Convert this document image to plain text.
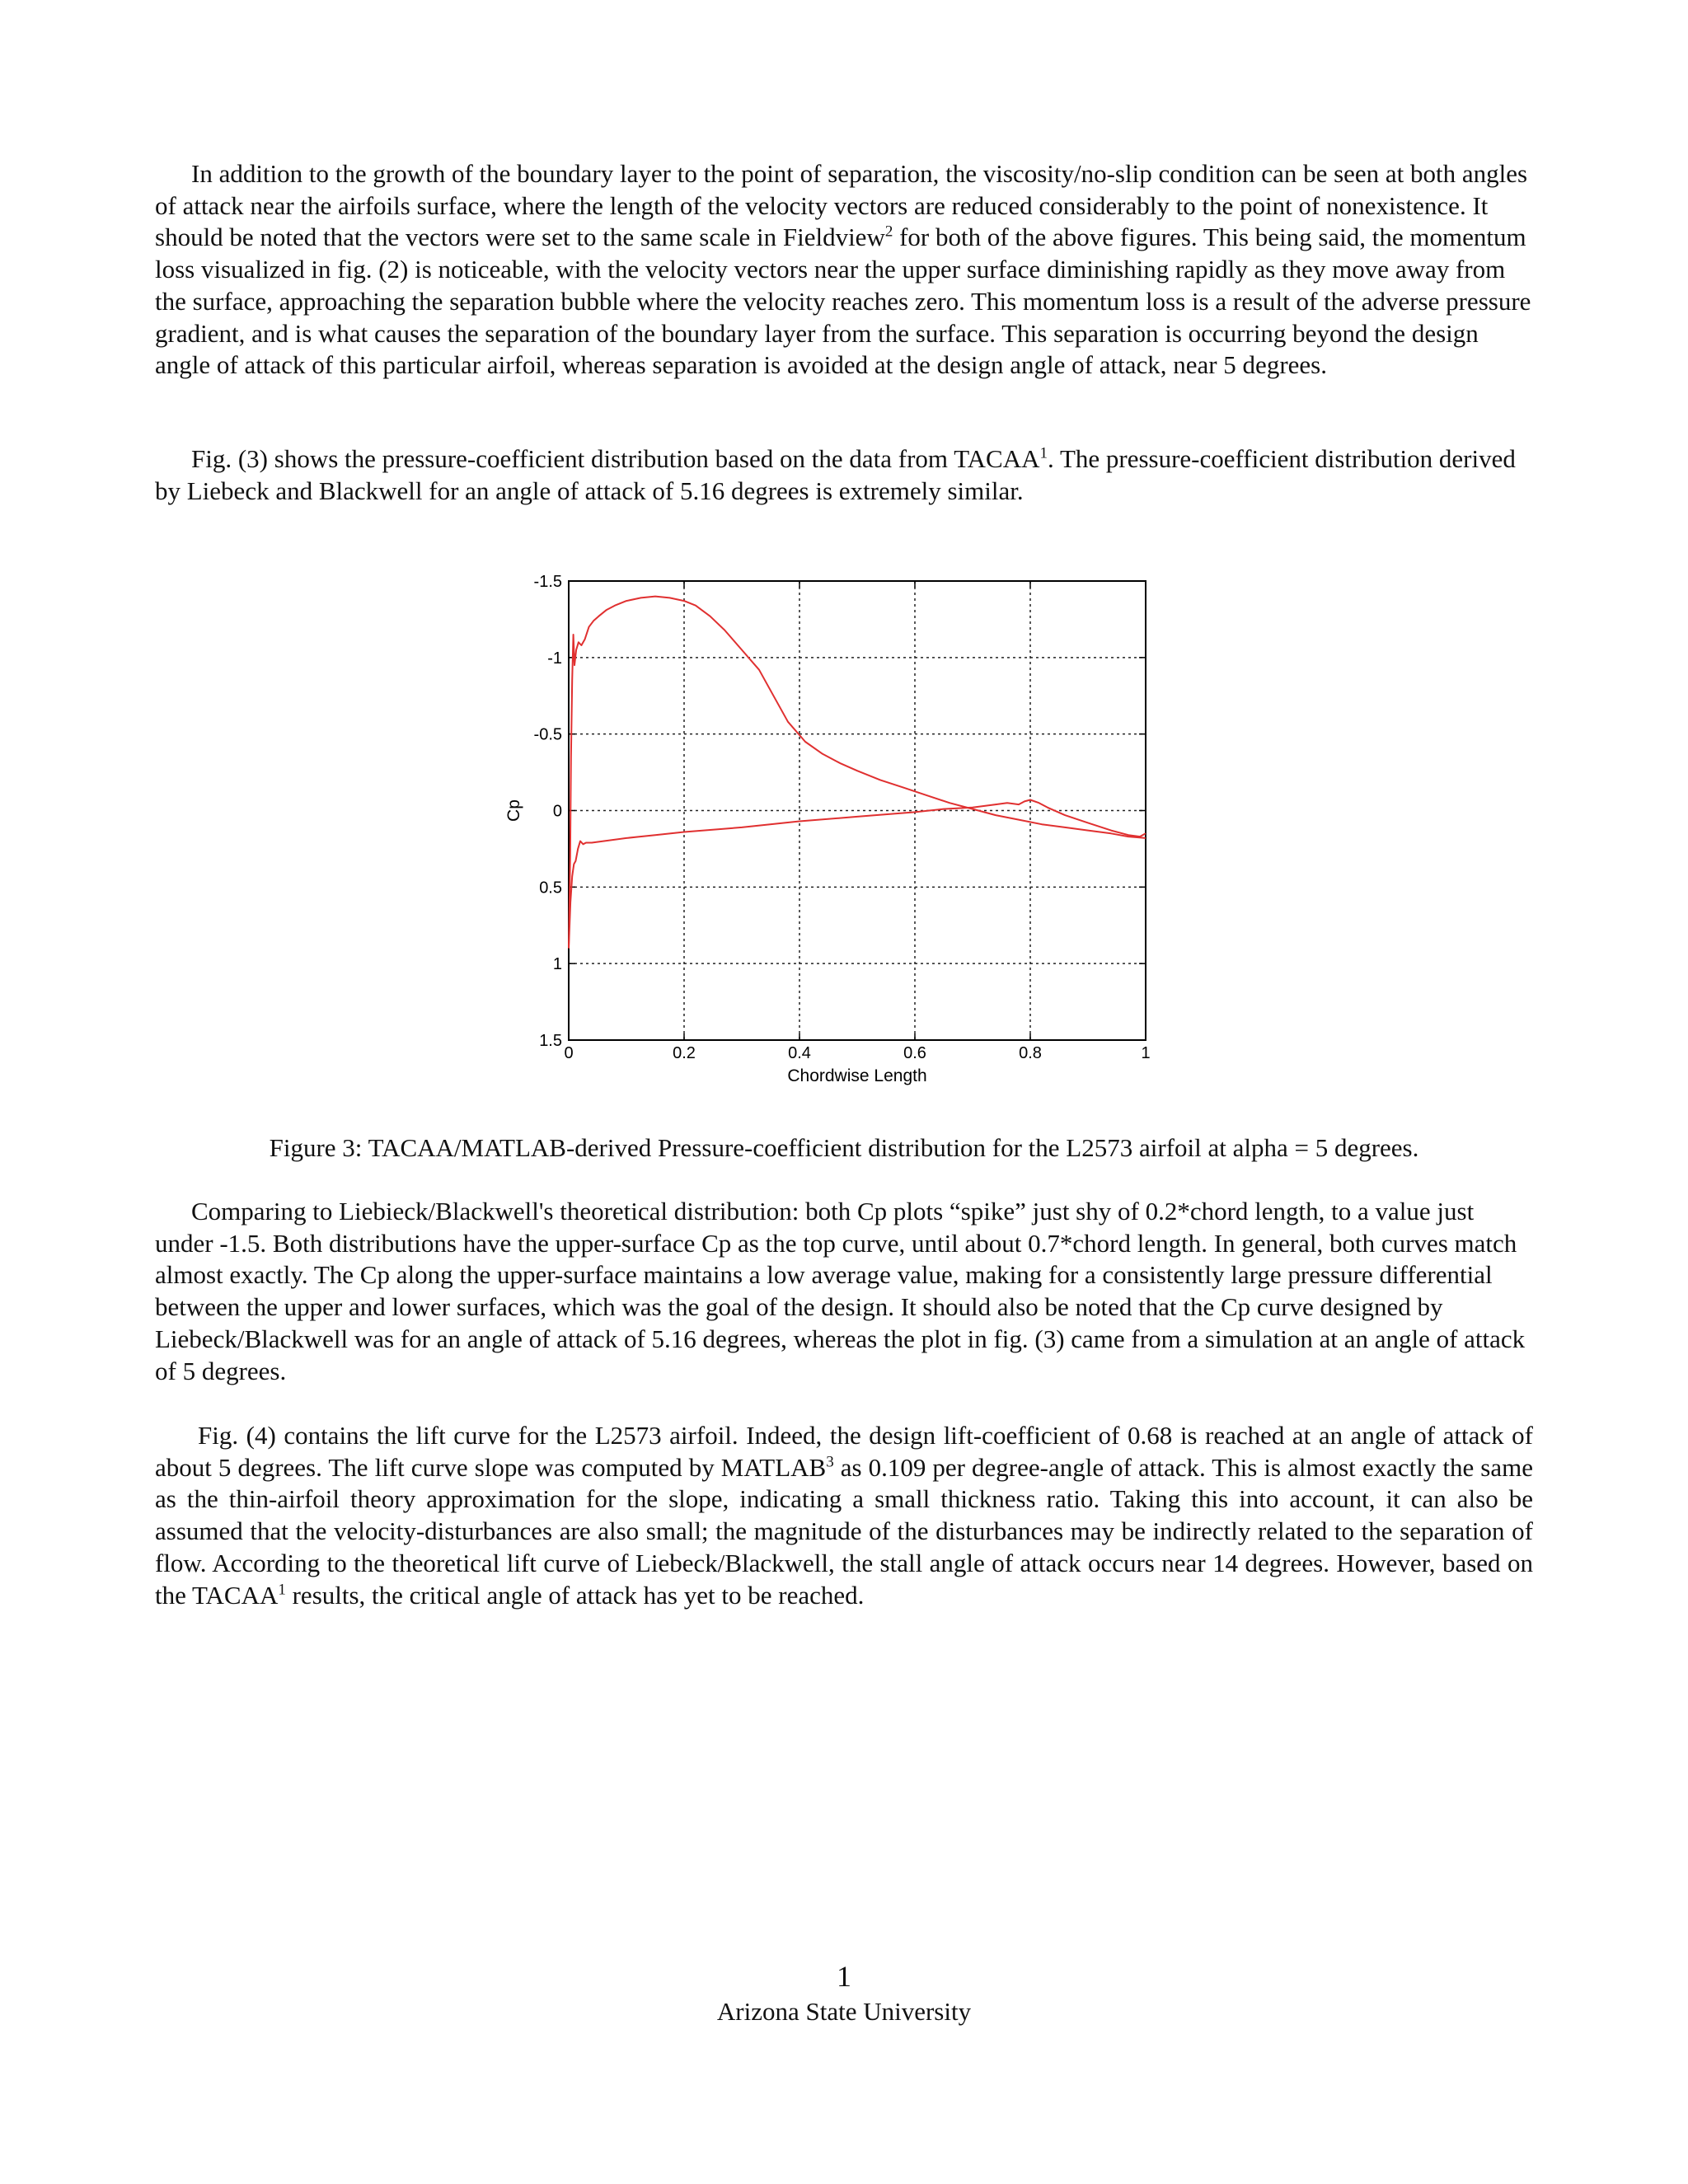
In addition to the growth of the boundary layer to the point of separation, the viscosity/no-slip condition can be seen at both angles of attack near the airfoils surface, where the length of the velocity vectors are reduced considerably to the point of nonexistence. It should be noted that the vectors were set to the same scale in Fieldview$^2$ for both of the above figures. This being said, the momentum loss visualized in fig. (2) is noticeable, with the velocity vectors near the upper surface diminishing rapidly as they move away from the surface, approaching the separation bubble where the velocity reaches zero. This momentum loss is a result of the adverse pressure gradient, and is what causes the separation of the boundary layer from the surface. This separation is occurring beyond the design angle of attack of this particular airfoil, whereas separation is avoided at the design angle of attack, near 5 degrees.

Fig. (3) shows the pressure-coefficient distribution based on the data from TACAA$^1$. The pressure-coefficient distribution derived by Liebeck and Blackwell for an angle of attack of 5.16 degrees is extremely similar.

0	0.2	0.4	0.6	0.8	1
-1.5
-1
-0.5
0
0.5
1
1.5
Chordwise Length
Cp

Figure 3: TACAA/MATLAB-derived Pressure-coefficient distribution for the L2573 airfoil at alpha = 5 degrees.

Comparing to Liebieck/Blackwell's theoretical distribution: both Cp plots “spike” just shy of 0.2*chord length, to a value just under -1.5. Both distributions have the upper-surface Cp as the top curve, until about 0.7*chord length. In general, both curves match almost exactly. The Cp along the upper-surface maintains a low average value, making for a consistently large pressure differential between the upper and lower surfaces, which was the goal of the design. It should also be noted that the Cp curve designed by Liebeck/Blackwell was for an angle of attack of 5.16 degrees, whereas the plot in fig. (3) came from a simulation at an angle of attack of 5 degrees.

Fig. (4) contains the lift curve for the L2573 airfoil. Indeed, the design lift-coefficient of 0.68 is reached at an angle of attack of about 5 degrees. The lift curve slope was computed by MATLAB$^3$ as 0.109 per degree-angle of attack. This is almost exactly the same as the thin-airfoil theory approximation for the slope, indicating a small thickness ratio. Taking this into account, it can also be assumed that the velocity-disturbances are also small; the magnitude of the disturbances may be indirectly related to the separation of flow. According to the theoretical lift curve of Liebeck/Blackwell, the stall angle of attack occurs near 14 degrees. However, based on the TACAA$^1$ results, the critical angle of attack has yet to be reached.

1

Arizona State University
